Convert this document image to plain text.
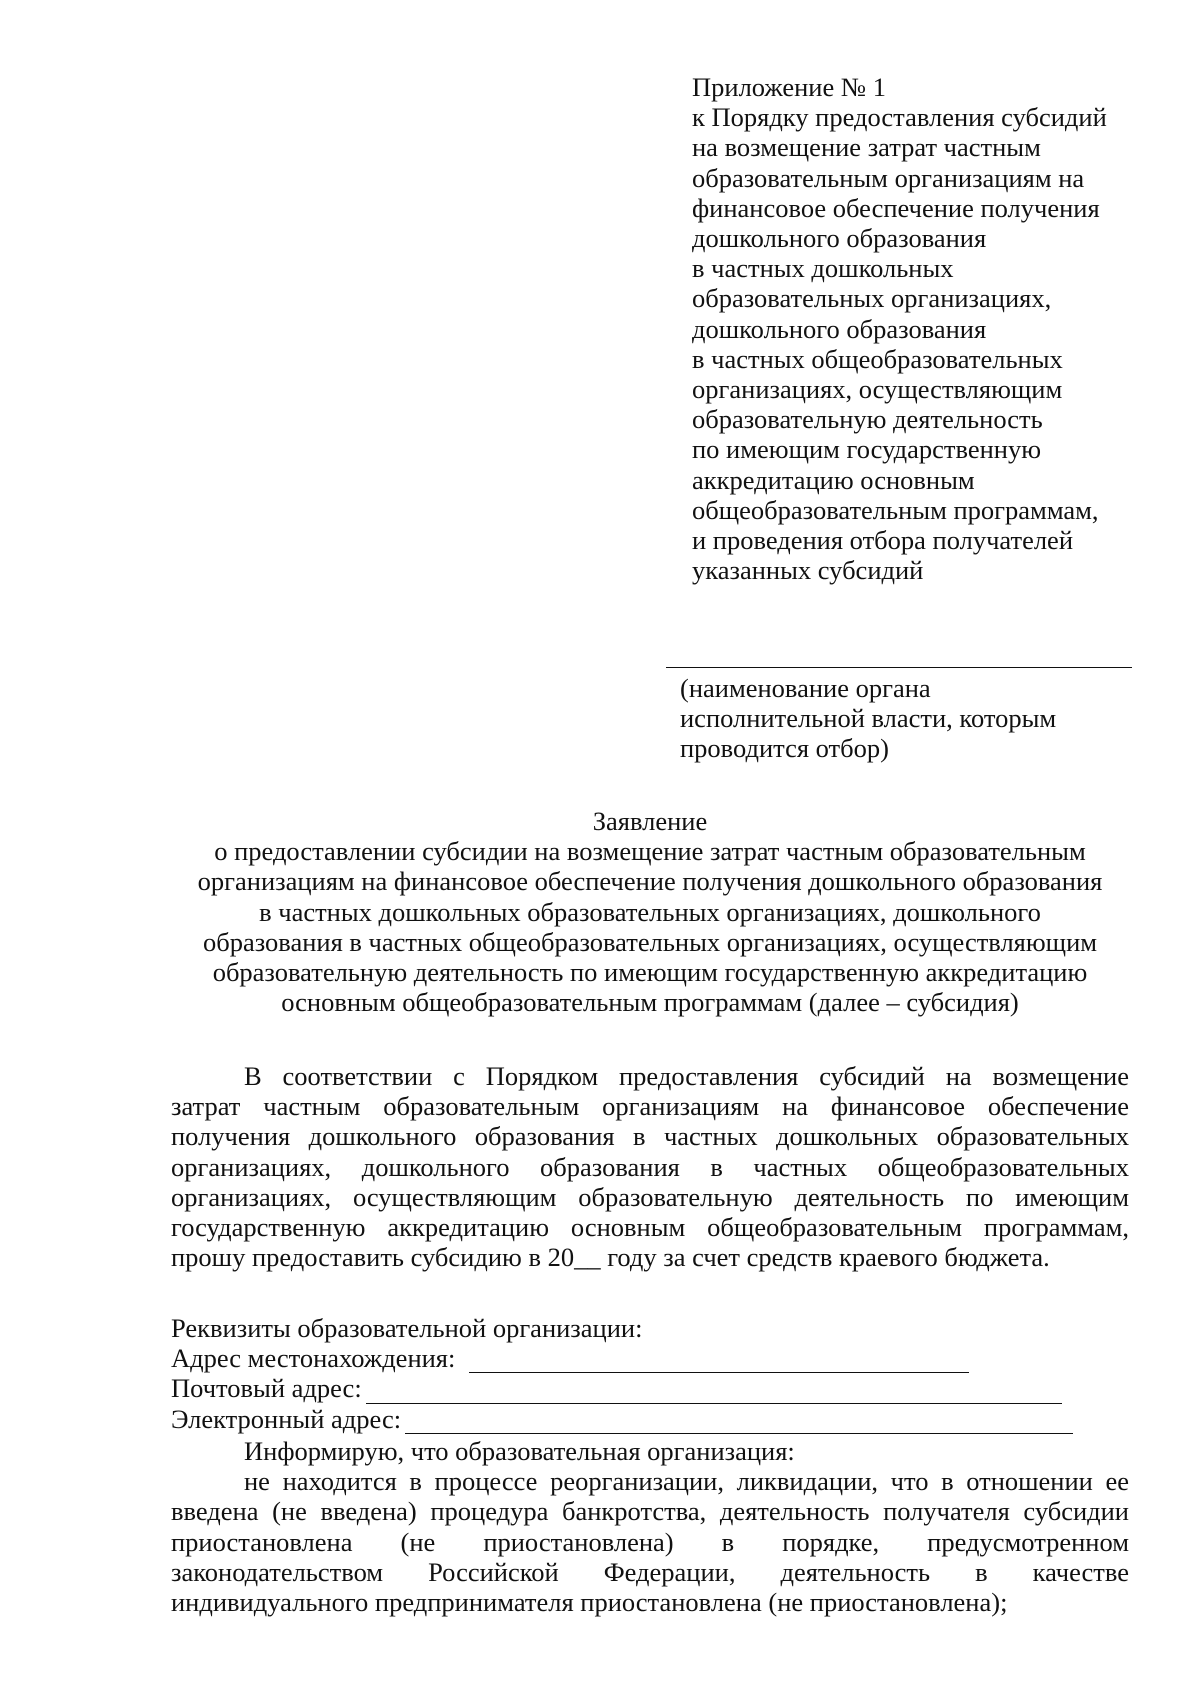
Приложение № 1
к Порядку предоставления субсидий
на возмещение затрат частным
образовательным организациям на
финансовое обеспечение получения
дошкольного образования
в частных дошкольных
образовательных организациях,
дошкольного образования
в частных общеобразовательных
организациях, осуществляющим
образовательную деятельность
по имеющим государственную
аккредитацию основным
общеобразовательным программам,
и проведения отбора получателей
указанных субсидий
(наименование органа
исполнительной власти, которым
проводится отбор)
Заявление
о предоставлении субсидии на возмещение затрат частным образовательным
организациям на финансовое обеспечение получения дошкольного образования
в частных дошкольных образовательных организациях, дошкольного
образования в частных общеобразовательных организациях, осуществляющим
образовательную деятельность по имеющим государственную аккредитацию
основным общеобразовательным программам (далее – субсидия)
В соответствии с Порядком предоставления субсидий на возмещение
затрат частным образовательным организациям на финансовое обеспечение
получения дошкольного образования в частных дошкольных образовательных
организациях, дошкольного образования в частных общеобразовательных
организациях, осуществляющим образовательную деятельность по имеющим
государственную аккредитацию основным общеобразовательным программам,
прошу предоставить субсидию в 20__ году за счет средств краевого бюджета.
Реквизиты образовательной организации:
Адрес местонахождения:
Почтовый адрес:
Электронный адрес:
Информирую, что образовательная организация:
не находится в процессе реорганизации, ликвидации, что в отношении ее
введена (не введена) процедура банкротства, деятельность получателя субсидии
приостановлена (не приостановлена) в порядке, предусмотренном
законодательством Российской Федерации, деятельность в качестве
индивидуального предпринимателя приостановлена (не приостановлена);
